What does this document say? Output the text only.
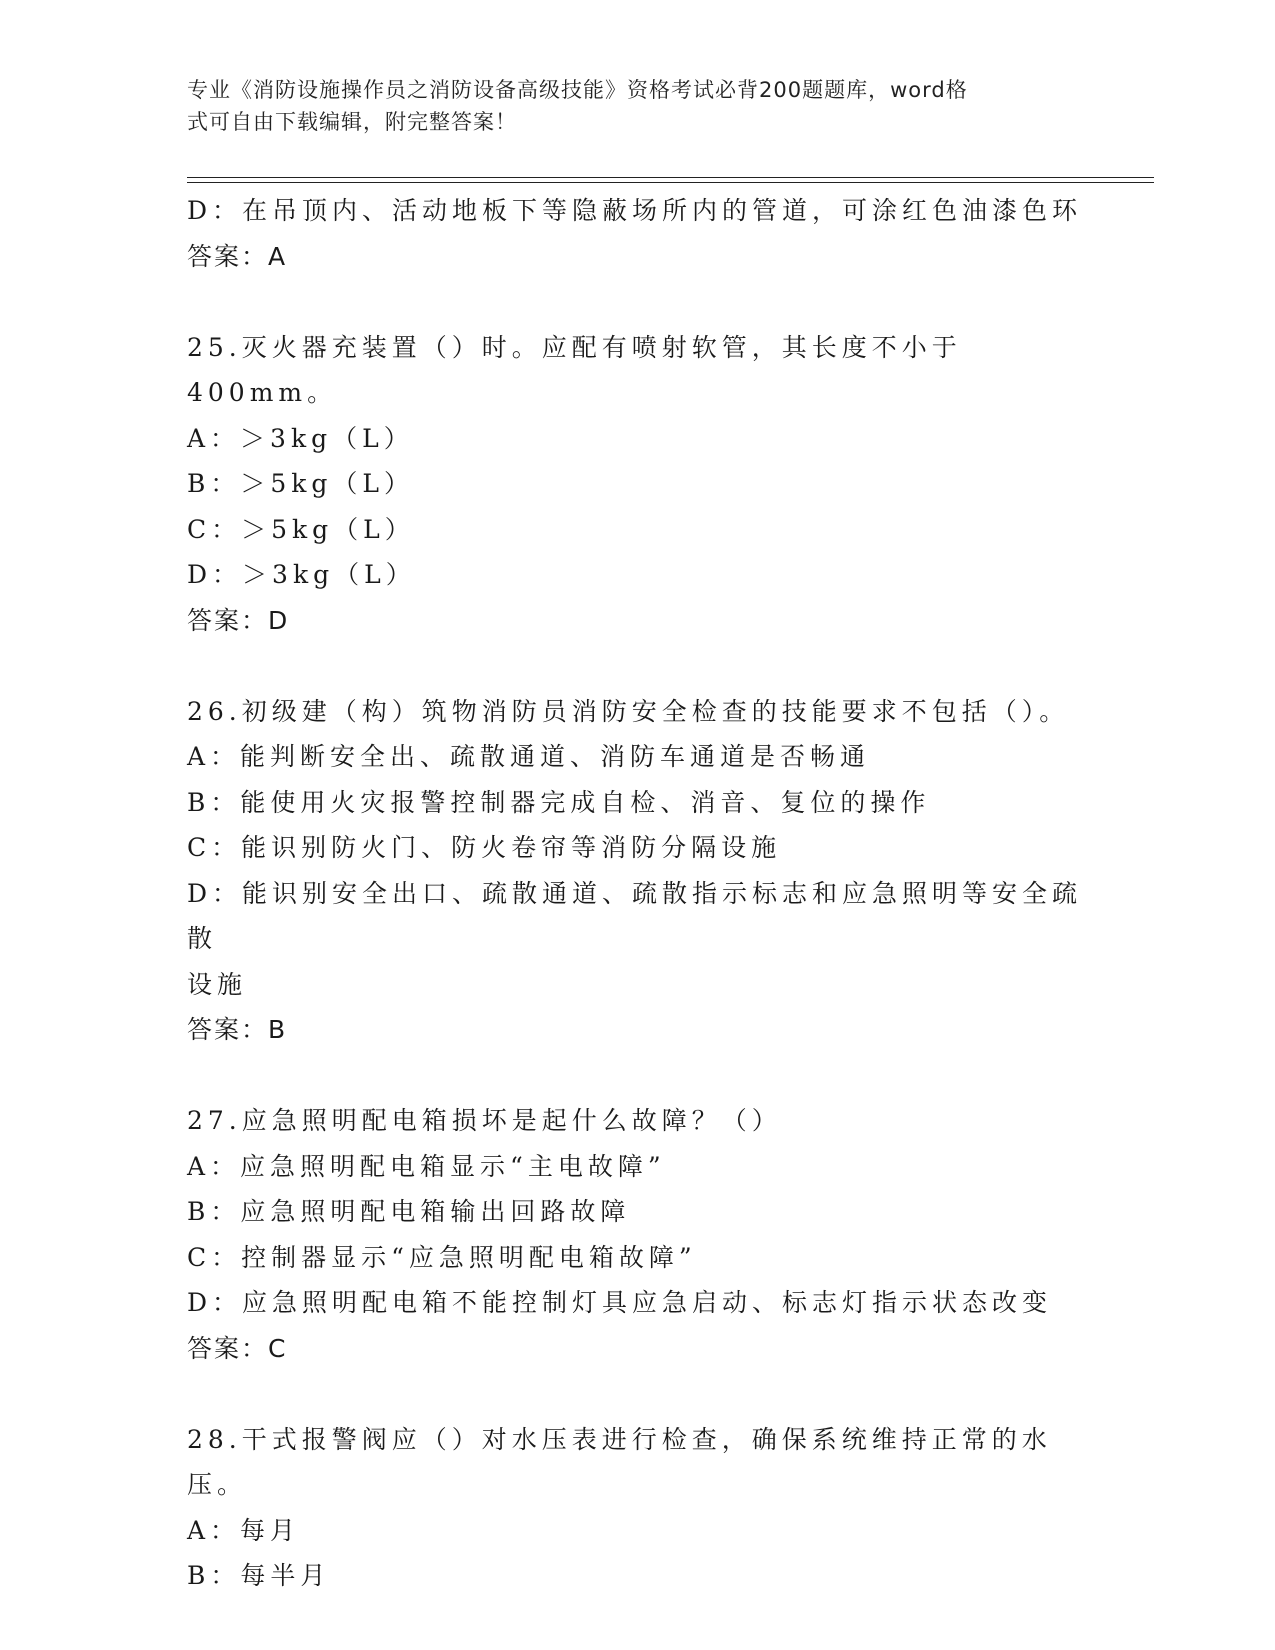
专业《消防设施操作员之消防设备高级技能》资格考试必背200题题库，word格
式可自由下载编辑，附完整答案！
D：在吊顶内、活动地板下等隐蔽场所内的管道，可涂红色油漆色环
答案：A
25.灭火器充装置（）时。应配有喷射软管，其长度不小于400mm。
A：＞3kg（L）
B：＞5kg（L）
C：＞5kg（L）
D：＞3kg（L）
答案：D
26.初级建（构）筑物消防员消防安全检查的技能要求不包括（）。
A：能判断安全出、疏散通道、消防车通道是否畅通
B：能使用火灾报警控制器完成自检、消音、复位的操作
C：能识别防火门、防火卷帘等消防分隔设施
D：能识别安全出口、疏散通道、疏散指示标志和应急照明等安全疏散
设施
答案：B
27.应急照明配电箱损坏是起什么故障？（）
A：应急照明配电箱显示“主电故障”
B：应急照明配电箱输出回路故障
C：控制器显示“应急照明配电箱故障”
D：应急照明配电箱不能控制灯具应急启动、标志灯指示状态改变
答案：C
28.干式报警阀应（）对水压表进行检查，确保系统维持正常的水压。
A：每月
B：每半月
